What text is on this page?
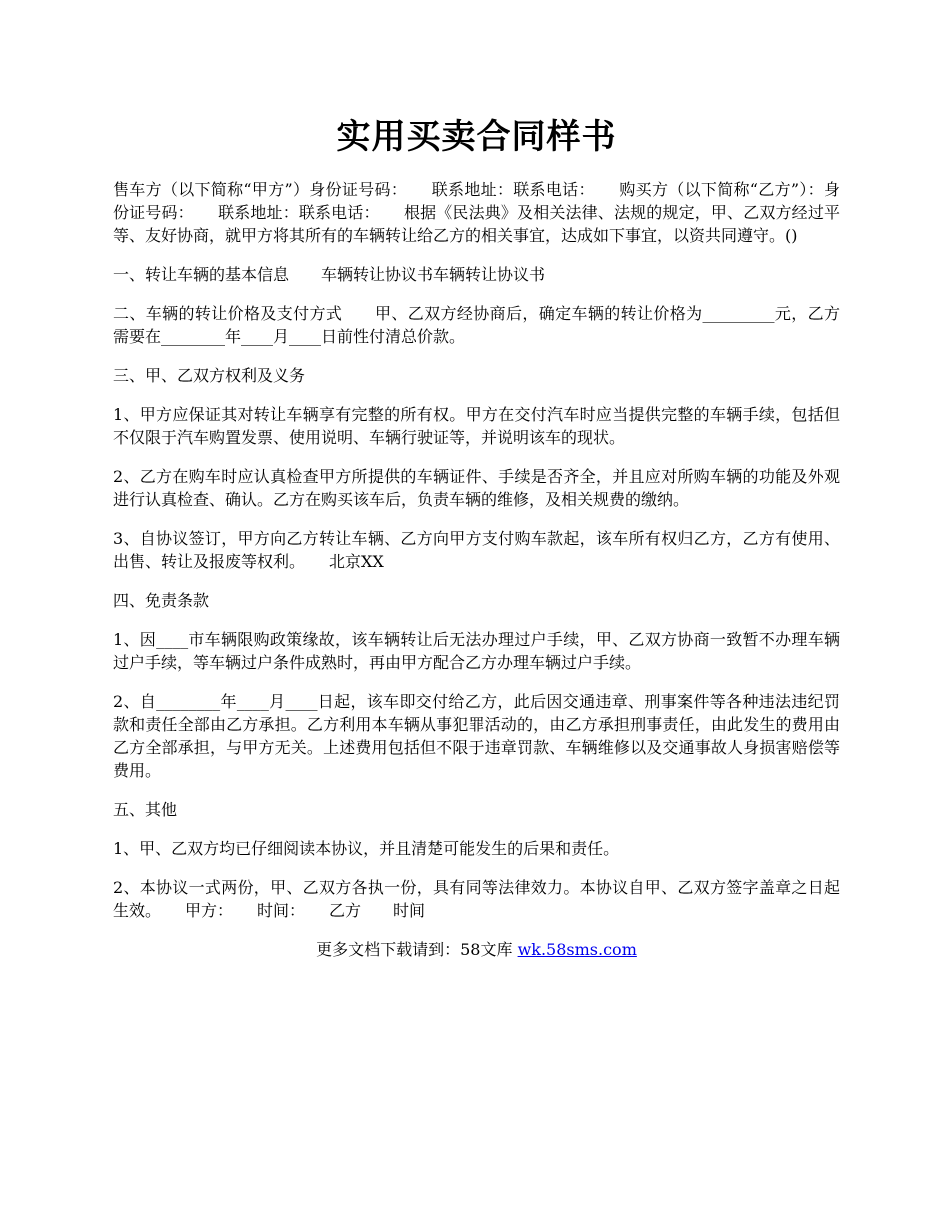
实用买卖合同样书

售车方（以下简称“甲方”）身份证号码：　　联系地址：联系电话：　　购买方（以下简称“乙方”）：身份证号码：　　联系地址：联系电话：　　根据《民法典》及相关法律、法规的规定，甲、乙双方经过平等、友好协商，就甲方将其所有的车辆转让给乙方的相关事宜，达成如下事宜，以资共同遵守。()

一、转让车辆的基本信息　　车辆转让协议书车辆转让协议书

二、车辆的转让价格及支付方式　　甲、乙双方经协商后，确定车辆的转让价格为_________元，乙方需要在________年____月____日前性付清总价款。

三、甲、乙双方权利及义务

1、甲方应保证其对转让车辆享有完整的所有权。甲方在交付汽车时应当提供完整的车辆手续，包括但不仅限于汽车购置发票、使用说明、车辆行驶证等，并说明该车的现状。

2、乙方在购车时应认真检查甲方所提供的车辆证件、手续是否齐全，并且应对所购车辆的功能及外观进行认真检查、确认。乙方在购买该车后，负责车辆的维修，及相关规费的缴纳。

3、自协议签订，甲方向乙方转让车辆、乙方向甲方支付购车款起，该车所有权归乙方，乙方有使用、出售、转让及报废等权利。　　北京XX

四、免责条款

1、因____市车辆限购政策缘故，该车辆转让后无法办理过户手续，甲、乙双方协商一致暂不办理车辆过户手续，等车辆过户条件成熟时，再由甲方配合乙方办理车辆过户手续。

2、自________年____月____日起，该车即交付给乙方，此后因交通违章、刑事案件等各种违法违纪罚款和责任全部由乙方承担。乙方利用本车辆从事犯罪活动的，由乙方承担刑事责任，由此发生的费用由乙方全部承担，与甲方无关。上述费用包括但不限于违章罚款、车辆维修以及交通事故人身损害赔偿等费用。

五、其他

1、甲、乙双方均已仔细阅读本协议，并且清楚可能发生的后果和责任。

2、本协议一式两份，甲、乙双方各执一份，具有同等法律效力。本协议自甲、乙双方签字盖章之日起生效。　　甲方：　　时间：　　乙方　　时间

更多文档下载请到：58文库 wk.58sms.com
